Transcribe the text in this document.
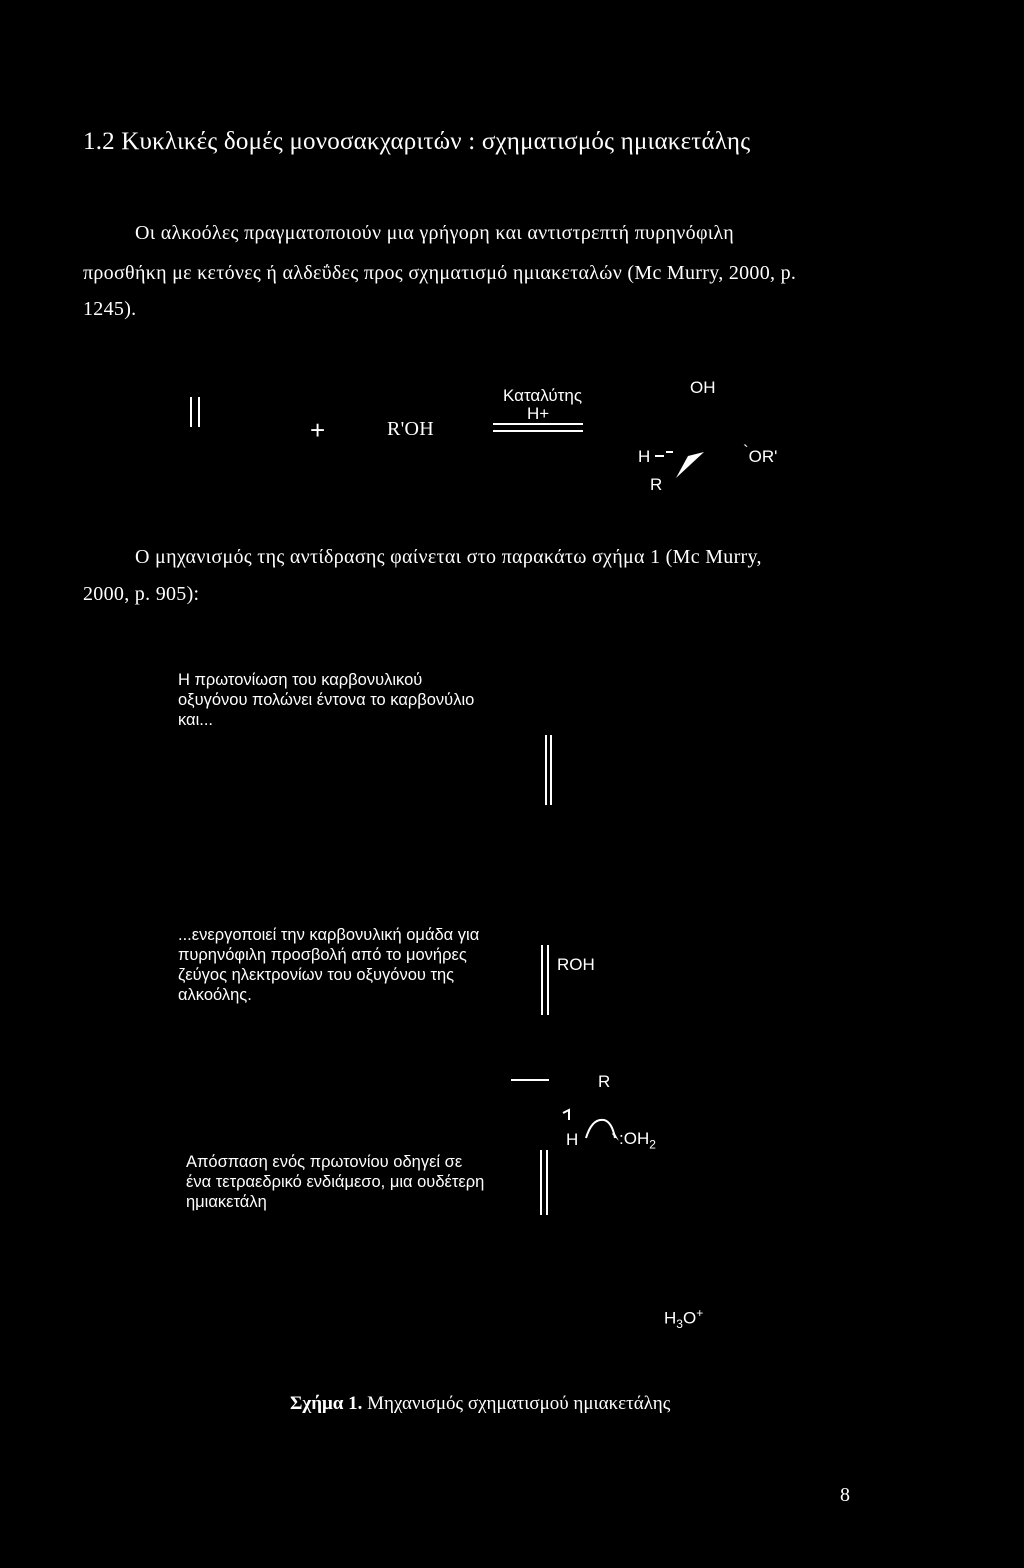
1.2 Κυκλικές δομές μονοσακχαριτών : σχηματισμός ημιακετάλης
Οι αλκοόλες πραγματοποιούν μια γρήγορη και αντιστρεπτή πυρηνόφιλη
προσθήκη με κετόνες ή αλδεΰδες προς σχηματισμό ημιακεταλών (Mc Murry, 2000, p.
1245).
+	R'OH
Καταλύτης
H+
OH
H	`OR'
R
Ο μηχανισμός της αντίδρασης φαίνεται στο παρακάτω σχήμα 1 (Mc Murry,
2000, p. 905):
Η πρωτονίωση του καρβονυλικού οξυγόνου πολώνει έντονα το καρβονύλιο και...
...ενεργοποιεί την καρβονυλική ομάδα για πυρηνόφιλη προσβολή από το μονήρες ζεύγος ηλεκτρονίων του οξυγόνου της αλκοόλης.
ROH
R
H $:OH_2$
Απόσπαση ενός πρωτονίου οδηγεί σε ένα τετραεδρικό ενδιάμεσο, μια ουδέτερη ημιακετάλη
$H_3O^+$
Σχήμα 1. Μηχανισμός σχηματισμού ημιακετάλης
8
